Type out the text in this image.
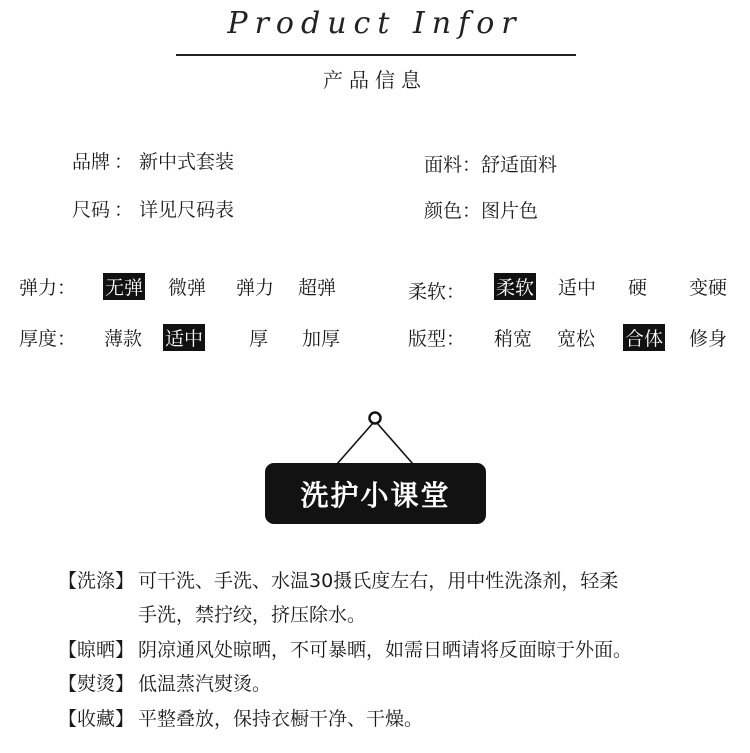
Product Infor
产品信息
品牌 ： 新中式套装
尺码 ： 详见尺码表
面料：舒适面料
颜色：图片色
弹力： 无弹 微弹 弹力 超弹	柔软： 柔软 适中 硬 变硬
厚度： 薄款 适中 厚 加厚	版型： 稍宽 宽松 合体 修身
洗护小课堂
【洗涤】 可干洗、手洗、水温30摄氏度左右，用中性洗涤剂，轻柔
手洗，禁拧绞，挤压除水。
【晾晒】 阴凉通风处晾晒，不可暴晒，如需日晒请将反面晾于外面。
【熨烫】 低温蒸汽熨烫。
【收藏】 平整叠放，保持衣橱干净、干燥。
